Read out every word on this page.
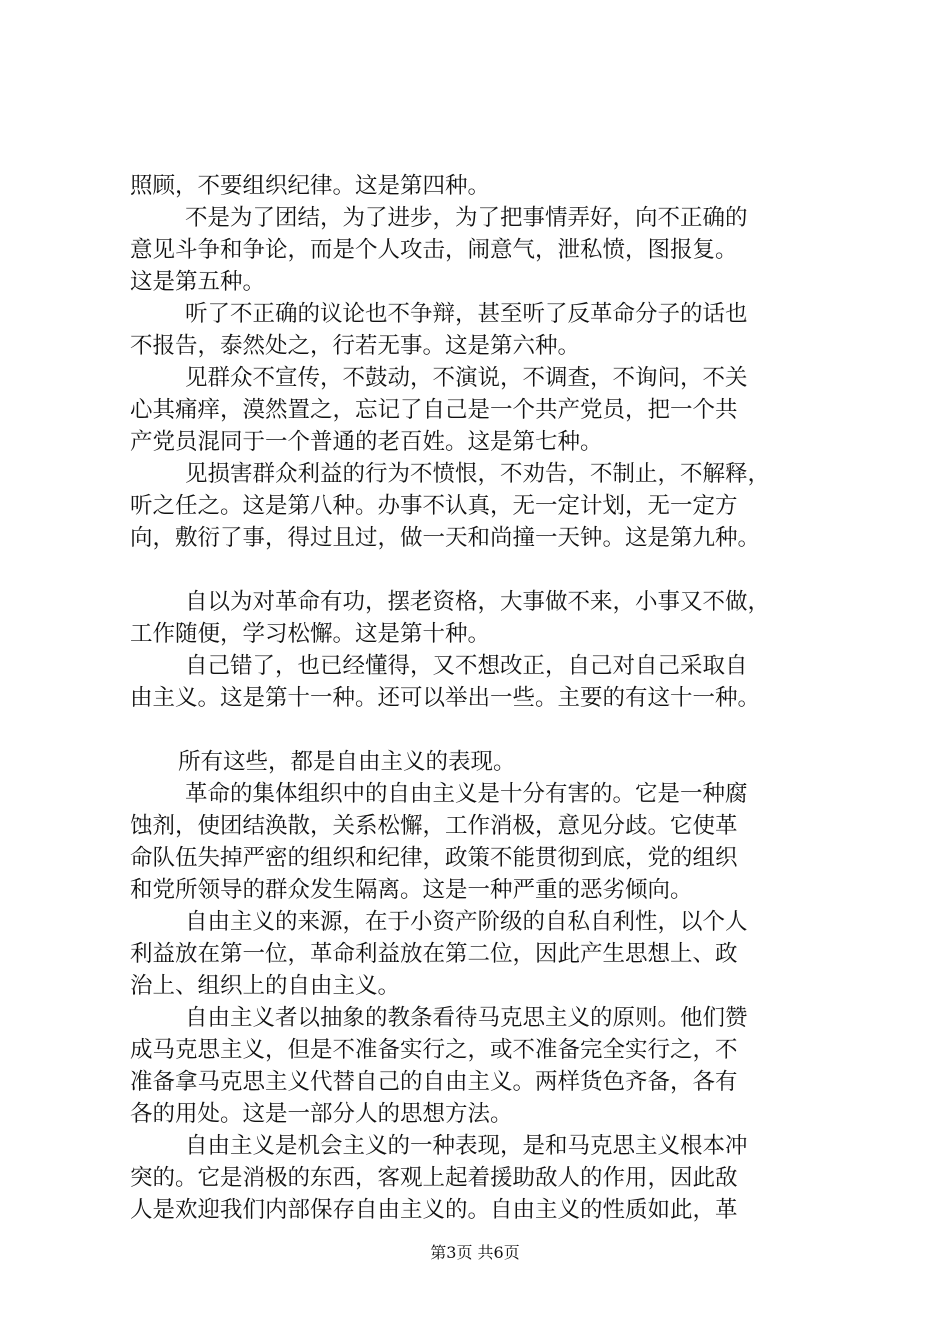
照顾，不要组织纪律。这是第四种。
不是为了团结，为了进步，为了把事情弄好，向不正确的
意见斗争和争论，而是个人攻击，闹意气，泄私愤，图报复。
这是第五种。
听了不正确的议论也不争辩，甚至听了反革命分子的话也
不报告，泰然处之，行若无事。这是第六种。
见群众不宣传，不鼓动，不演说，不调查，不询问，不关
心其痛痒，漠然置之，忘记了自己是一个共产党员，把一个共
产党员混同于一个普通的老百姓。这是第七种。
见损害群众利益的行为不愤恨，不劝告，不制止，不解释，
听之任之。这是第八种。办事不认真，无一定计划，无一定方
向，敷衍了事，得过且过，做一天和尚撞一天钟。这是第九种。
自以为对革命有功，摆老资格，大事做不来，小事又不做，
工作随便，学习松懈。这是第十种。
自己错了，也已经懂得，又不想改正，自己对自己采取自
由主义。这是第十一种。还可以举出一些。主要的有这十一种。
所有这些，都是自由主义的表现。
革命的集体组织中的自由主义是十分有害的。它是一种腐
蚀剂，使团结涣散，关系松懈，工作消极，意见分歧。它使革
命队伍失掉严密的组织和纪律，政策不能贯彻到底，党的组织
和党所领导的群众发生隔离。这是一种严重的恶劣倾向。
自由主义的来源，在于小资产阶级的自私自利性，以个人
利益放在第一位，革命利益放在第二位，因此产生思想上、政
治上、组织上的自由主义。
自由主义者以抽象的教条看待马克思主义的原则。他们赞
成马克思主义，但是不准备实行之，或不准备完全实行之，不
准备拿马克思主义代替自己的自由主义。两样货色齐备，各有
各的用处。这是一部分人的思想方法。
自由主义是机会主义的一种表现，是和马克思主义根本冲
突的。它是消极的东西，客观上起着援助敌人的作用，因此敌
人是欢迎我们内部保存自由主义的。自由主义的性质如此，革
第3页 共6页
